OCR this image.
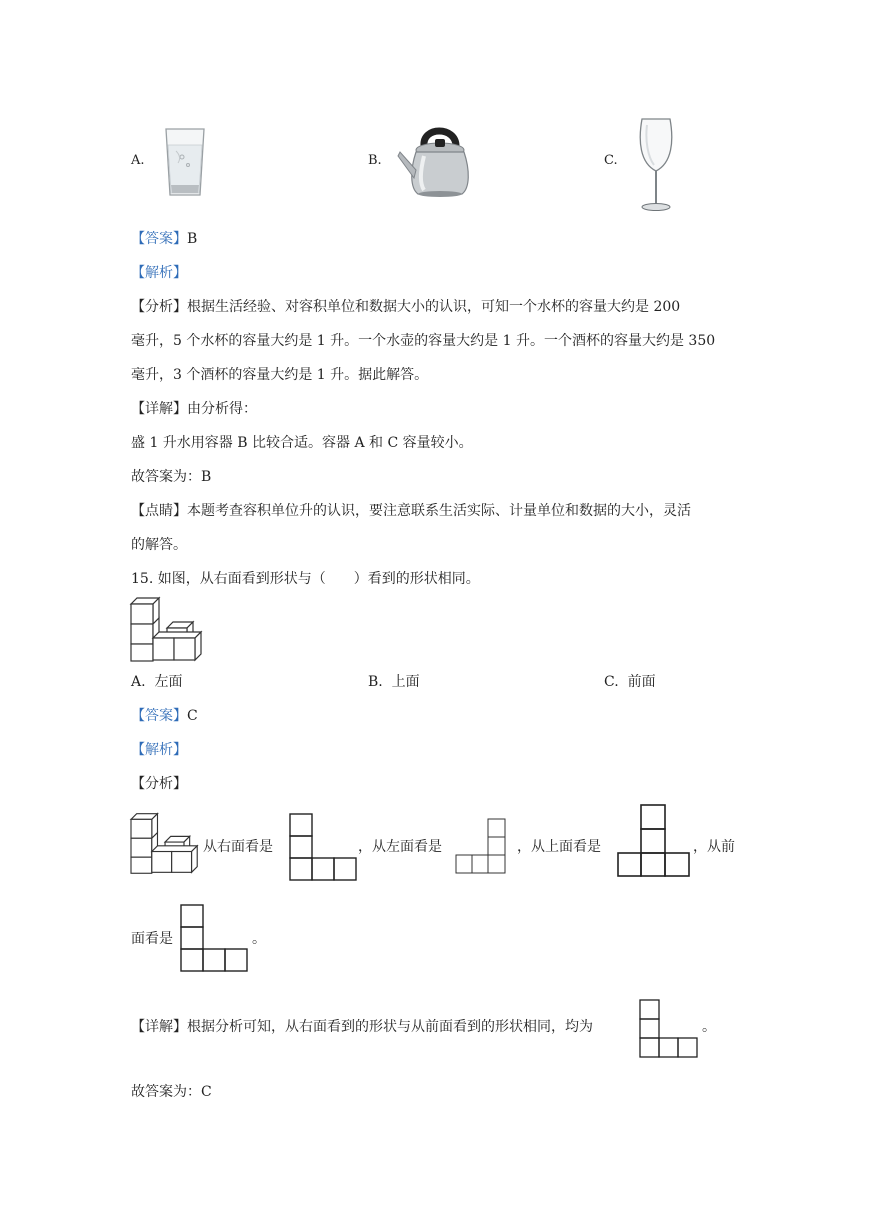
A.	B.	C.
【答案】B
【解析】
【分析】根据生活经验、对容积单位和数据大小的认识，可知一个水杯的容量大约是 200
毫升，5 个水杯的容量大约是 1 升。一个水壶的容量大约是 1 升。一个酒杯的容量大约是 350
毫升，3 个酒杯的容量大约是 1 升。据此解答。
【详解】由分析得：
盛 1 升水用容器 B 比较合适。容器 A 和 C 容量较小。
故答案为：B
【点睛】本题考查容积单位升的认识，要注意联系生活实际、计量单位和数据的大小，灵活
的解答。
15. 如图，从右面看到形状与（　　）看到的形状相同。
A. 左面	B. 上面	C. 前面
【答案】C
【解析】
【分析】
从右面看是	，从左面看是	，从上面看是	，从前
面看是	。
【详解】根据分析可知，从右面看到的形状与从前面看到的形状相同，均为	。
故答案为：C
